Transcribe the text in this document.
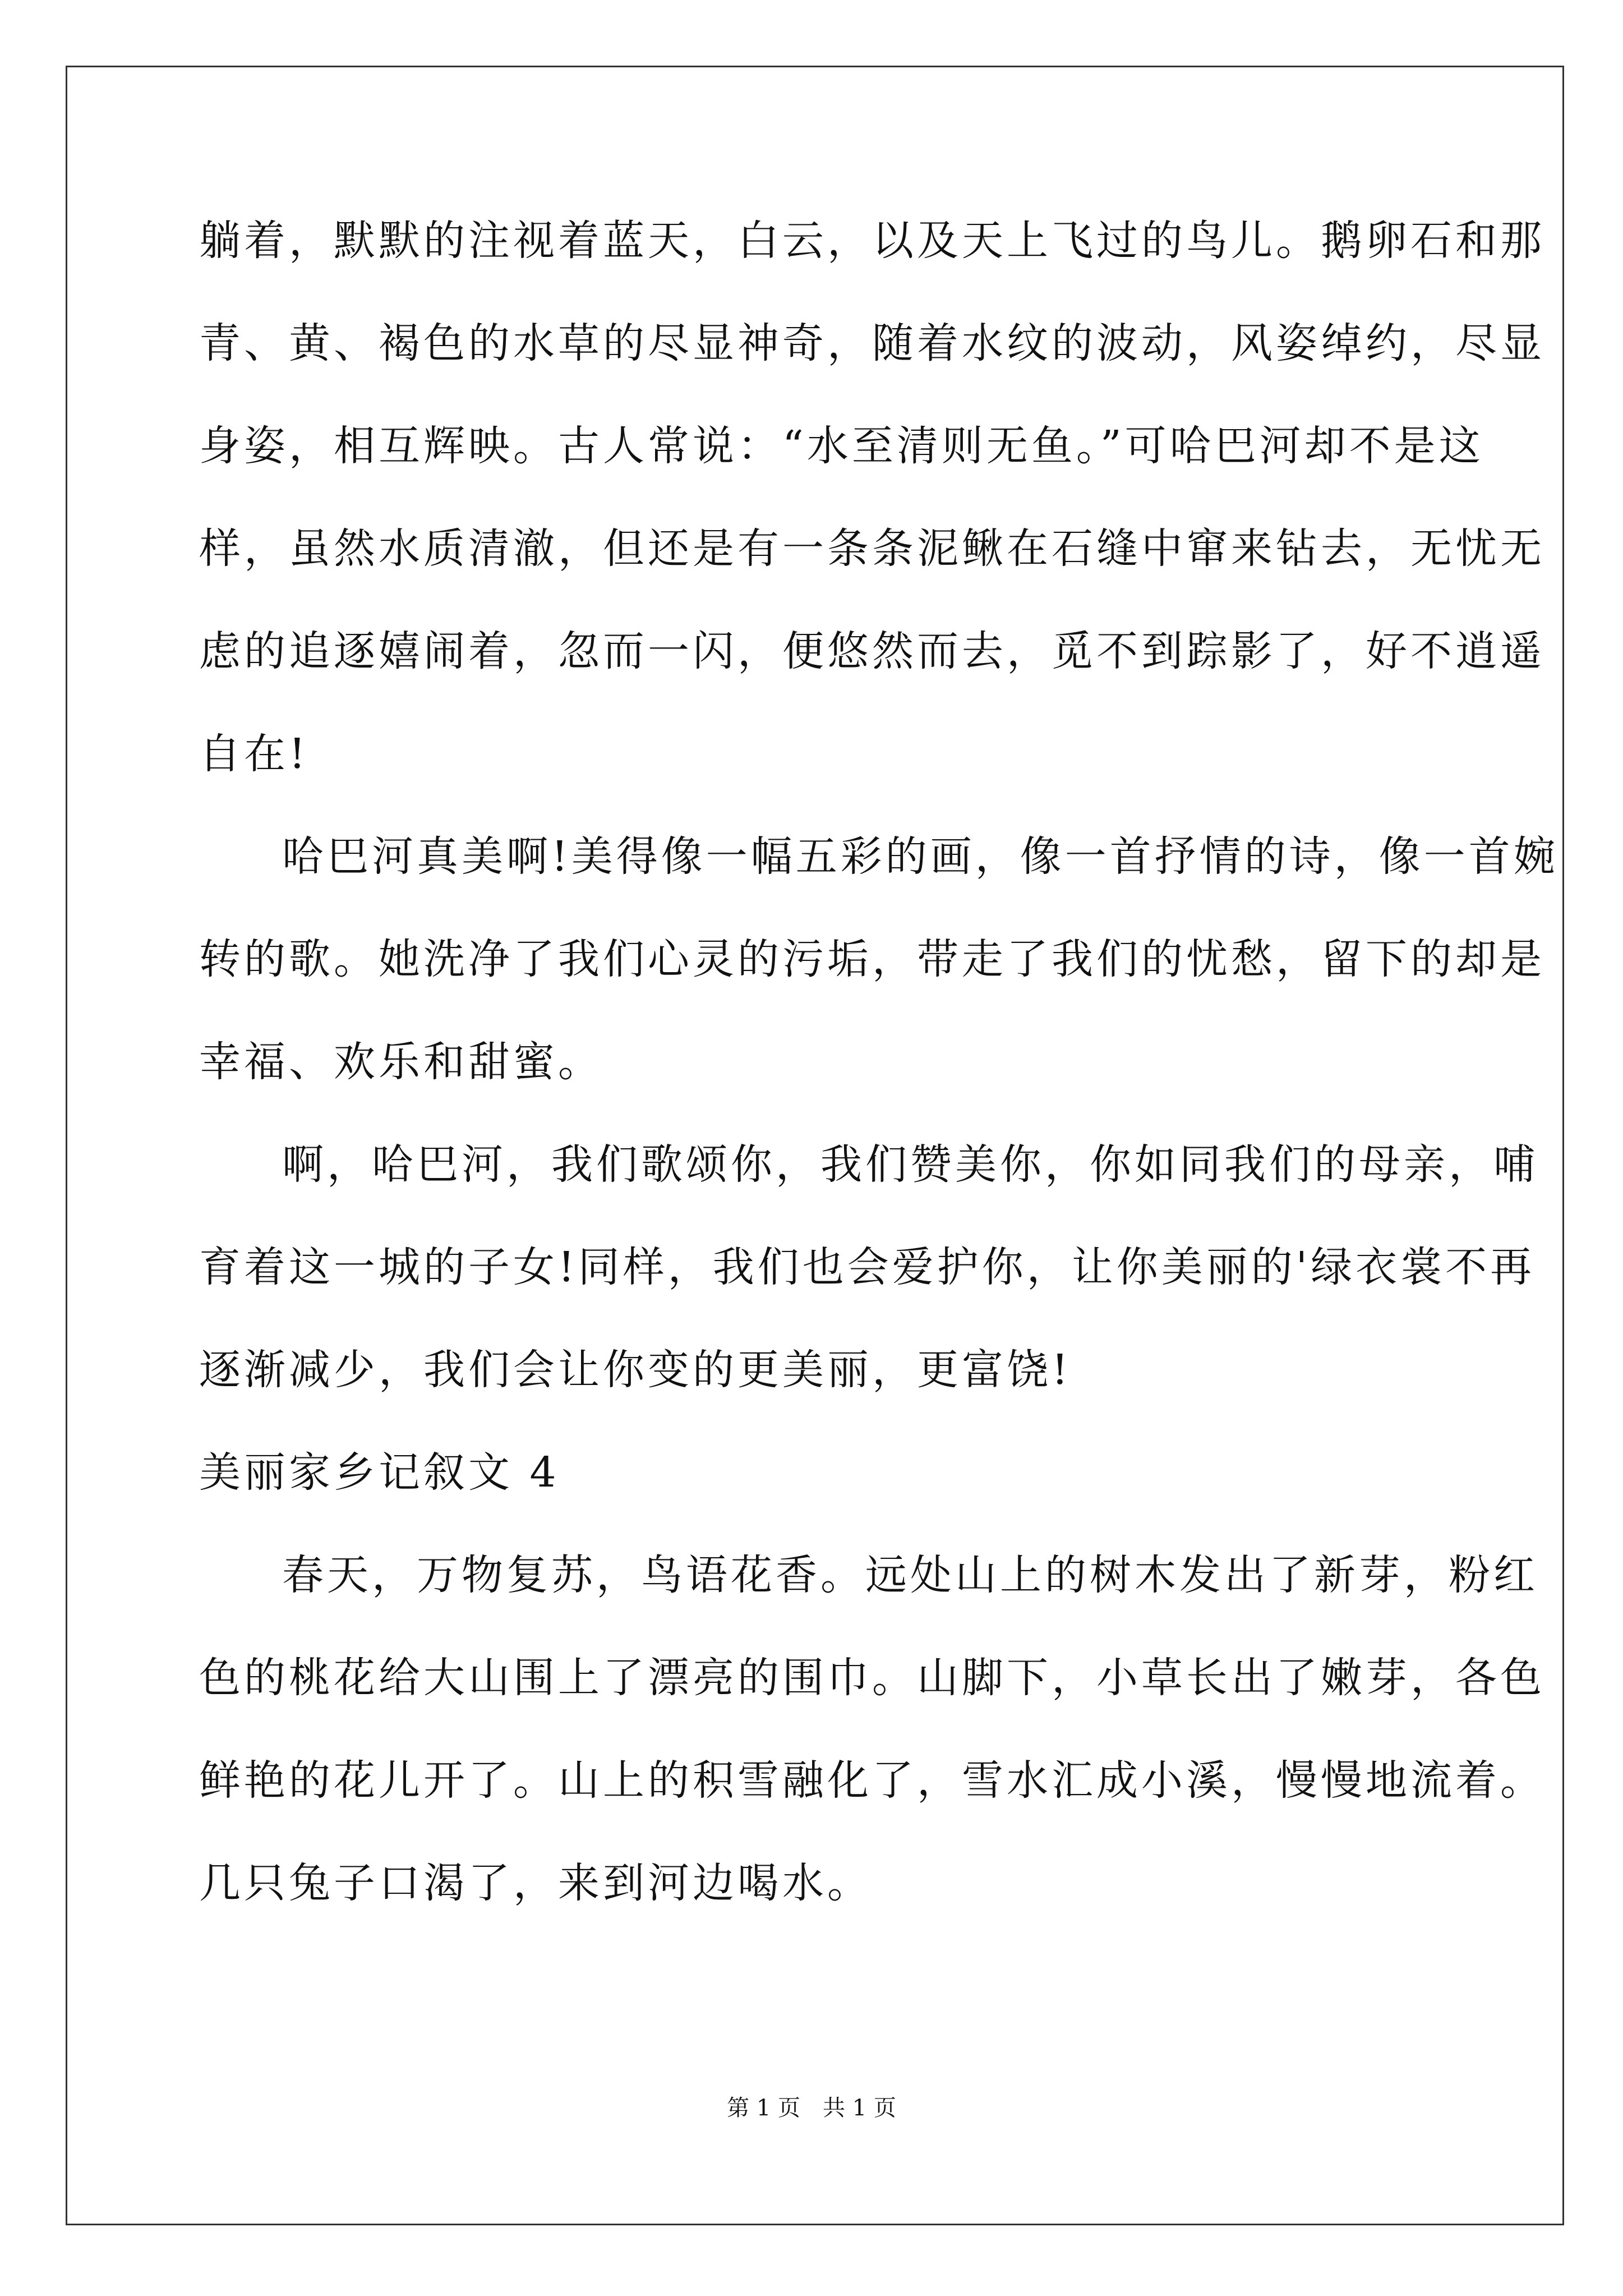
躺着，默默的注视着蓝天，白云，以及天上飞过的鸟儿。鹅卵石和那
青、黄、褐色的水草的尽显神奇，随着水纹的波动，风姿绰约，尽显
身姿，相互辉映。古人常说：“水至清则无鱼。”可哈巴河却不是这
样，虽然水质清澈，但还是有一条条泥鳅在石缝中窜来钻去，无忧无
虑的追逐嬉闹着，忽而一闪，便悠然而去，觅不到踪影了，好不逍遥
自在!
哈巴河真美啊!美得像一幅五彩的画，像一首抒情的诗，像一首婉
转的歌。她洗净了我们心灵的污垢，带走了我们的忧愁，留下的却是
幸福、欢乐和甜蜜。
啊，哈巴河，我们歌颂你，我们赞美你，你如同我们的母亲，哺
育着这一城的子女!同样，我们也会爱护你，让你美丽的'绿衣裳不再
逐渐减少，我们会让你变的更美丽，更富饶!
美丽家乡记叙文 4
春天，万物复苏，鸟语花香。远处山上的树木发出了新芽，粉红
色的桃花给大山围上了漂亮的围巾。山脚下，小草长出了嫩芽，各色
鲜艳的花儿开了。山上的积雪融化了，雪水汇成小溪，慢慢地流着。
几只兔子口渴了，来到河边喝水。
第 1 页 共 1 页
